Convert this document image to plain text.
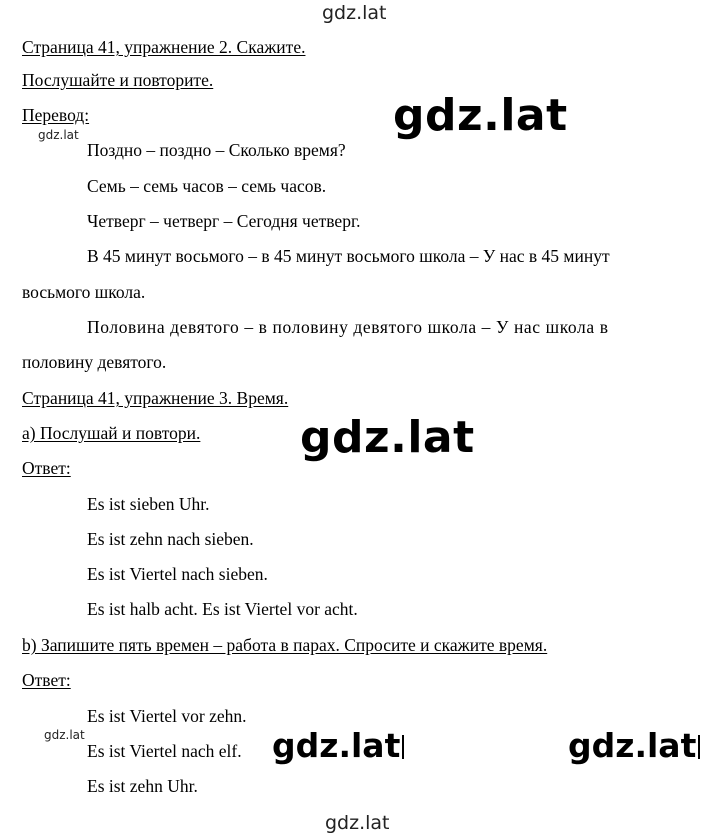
gdz.lat
gdz.lat
gdz.lat
gdz.lat
gdz.lat	gdz.lat	gdz.lat
gdz.lat
Страница 41, упражнение 2. Скажите.
Послушайте и повторите.
Перевод:
Поздно – поздно – Сколько время?
Семь – семь часов – семь часов.
Четверг – четверг – Сегодня четверг.
В 45 минут восьмого – в 45 минут восьмого школа – У нас в 45 минут
восьмого школа.
Половина девятого – в половину девятого школа – У нас школа в
половину девятого.
Страница 41, упражнение 3. Время.
а) Послушай и повтори.
Ответ:
Es ist sieben Uhr.
Es ist zehn nach sieben.
Es ist Viertel nach sieben.
Es ist halb acht. Es ist Viertel vor acht.
b) Запишите пять времен – работа в парах. Спросите и скажите время.
Ответ:
Es ist Viertel vor zehn.
Es ist Viertel nach elf.
Es ist zehn Uhr.
